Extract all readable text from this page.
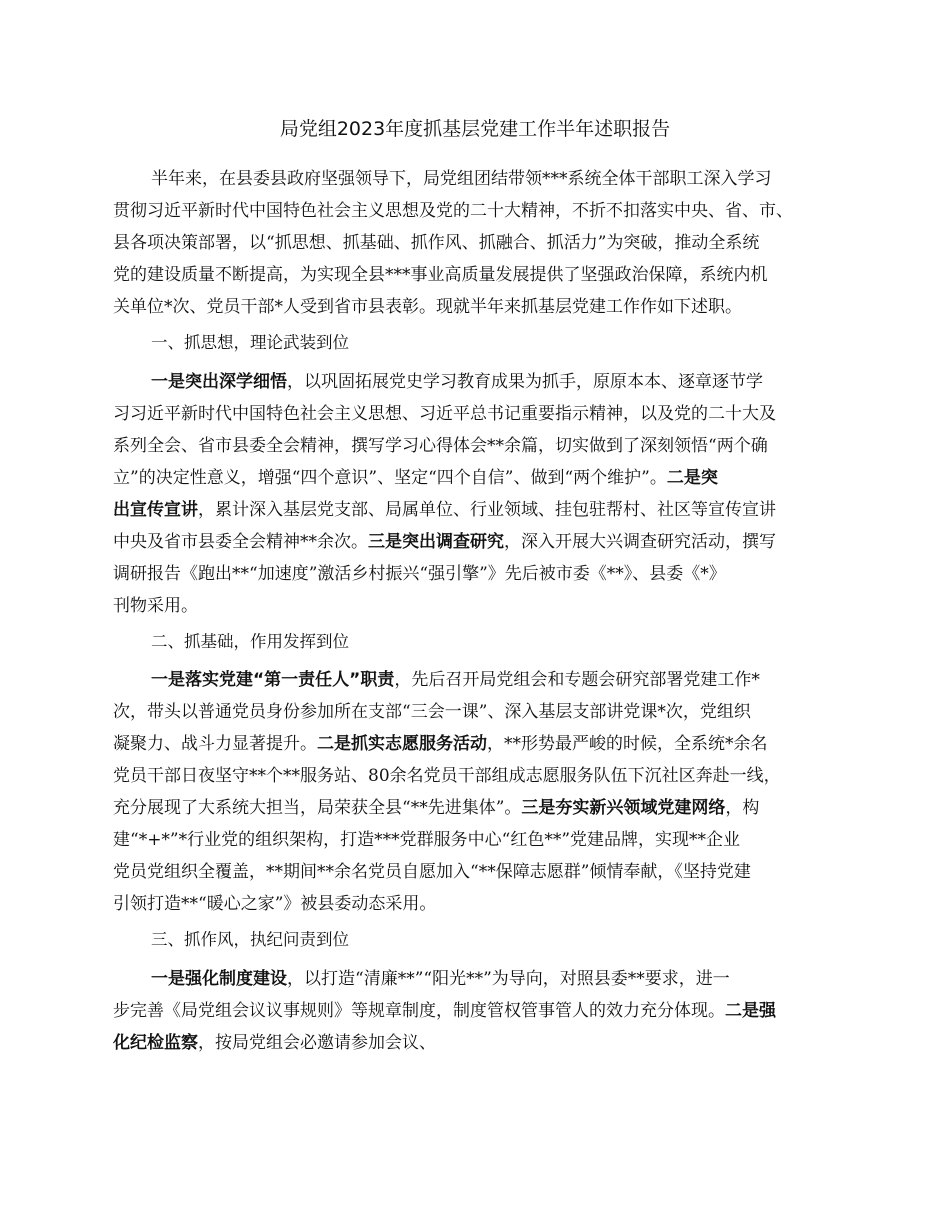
局党组2023年度抓基层党建工作半年述职报告
半年来，在县委县政府坚强领导下，局党组团结带领***系统全体干部职工深入学习
贯彻习近平新时代中国特色社会主义思想及党的二十大精神，不折不扣落实中央、省、市、
县各项决策部署，以“抓思想、抓基础、抓作风、抓融合、抓活力”为突破，推动全系统
党的建设质量不断提高，为实现全县***事业高质量发展提供了坚强政治保障，系统内机
关单位*次、党员干部*人受到省市县表彰。现就半年来抓基层党建工作作如下述职。
一、抓思想，理论武装到位
一是突出深学细悟，以巩固拓展党史学习教育成果为抓手，原原本本、逐章逐节学
习习近平新时代中国特色社会主义思想、习近平总书记重要指示精神，以及党的二十大及
系列全会、省市县委全会精神，撰写学习心得体会**余篇，切实做到了深刻领悟“两个确
立”的决定性意义，增强“四个意识”、坚定“四个自信”、做到“两个维护”。二是突
出宣传宣讲，累计深入基层党支部、局属单位、行业领域、挂包驻帮村、社区等宣传宣讲
中央及省市县委全会精神**余次。三是突出调查研究，深入开展大兴调查研究活动，撰写
调研报告《跑出**“加速度”激活乡村振兴“强引擎”》先后被市委《**》、县委《*》
刊物采用。
二、抓基础，作用发挥到位
一是落实党建“第一责任人”职责，先后召开局党组会和专题会研究部署党建工作*
次，带头以普通党员身份参加所在支部“三会一课”、深入基层支部讲党课*次，党组织
凝聚力、战斗力显著提升。二是抓实志愿服务活动，**形势最严峻的时候，全系统*余名
党员干部日夜坚守**个**服务站、80余名党员干部组成志愿服务队伍下沉社区奔赴一线，
充分展现了大系统大担当，局荣获全县“**先进集体”。三是夯实新兴领域党建网络，构
建“*+*”*行业党的组织架构，打造***党群服务中心“红色**”党建品牌，实现**企业
党员党组织全覆盖，**期间**余名党员自愿加入“**保障志愿群”倾情奉献，《坚持党建
引领打造**“暖心之家”》被县委动态采用。
三、抓作风，执纪问责到位
一是强化制度建设，以打造“清廉**”“阳光**”为导向，对照县委**要求，进一
步完善《局党组会议议事规则》等规章制度，制度管权管事管人的效力充分体现。二是强
化纪检监察，按局党组会必邀请参加会议、
